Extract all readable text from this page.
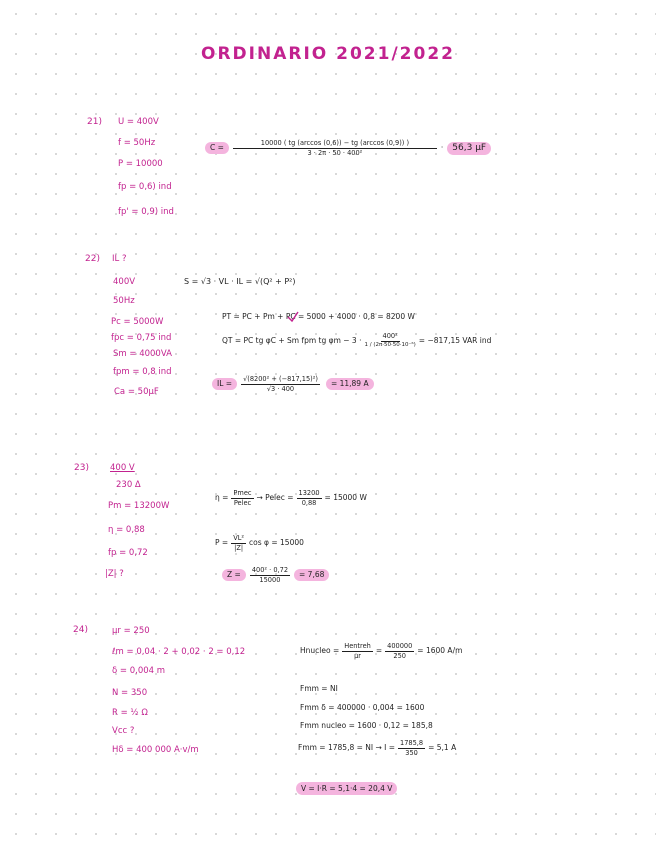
ORDINARIO 2021/2022
21) U = 400V
f = 50Hz
P = 10000
fp = 0,6) ind
fp' = 0,9) ind
C =	$\frac{10000 ( tg (\arccos (0,6)) - tg (\arccos (0,9)) )}{\text{3 · 2π · 50 · 400²}}$ ·	56,3 μF
22) IL ?
400V
50Hz
Pc = 5000W
fpc = 0,75 ind
Sm = 4000VA
fpm = 0,8 ind
Ca = 50μF
S = √3 · VL · IL = √(Q² + P²)
PT = PC + Pm + PC = 5000 + 4000 · 0,8 = 8200 W
QT = PC tg φC + Sm fpm tg $\varphi m - 3 \cdot \frac{\text{400²}}{\text{1 / (2π·50·50·10⁻⁶)}} = -817,15$ VAR ind
IL =	$\frac{\text{√(8200² + (−817,15)²)}}{√3 \cdot 400}$	= 11,89 A
23) 400 V
230 Δ
Pm = 13200W
η = 0,88
fp = 0,72
|Z| ?
$\eta = \frac{\text{Pmec}}{\text{Pelec}}$ → Pelec = $\frac{13200}{0,88} = 15000$ W
$P = \frac{\text{VL²}}{|Z|}$ cos φ = 15000
Z =	$\frac{\text{400² · 0,72}}{15000}$	= 7,68
24)	μr = 250
ℓm = 0,04 · 2 + 0,02 · 2 = 0,12
δ = 0,004 m
N = 350
R = ½ Ω
Vcc ?
Hδ = 400 000 A·v/m
Hnucleo = $\frac{\text{Hentreh}}{\mu r} = \frac{400000}{250} = 1600$ A/m
Fmm = NI
Fmm δ = 400000 · 0,004 = 1600
Fmm nucleo = 1600 · 0,12 = 185,8
Fmm = 1785,8 = NI → $I = \frac{1785,8}{350} = 5,1$ A
V = I·R = 5,1·4 = 20,4 V
